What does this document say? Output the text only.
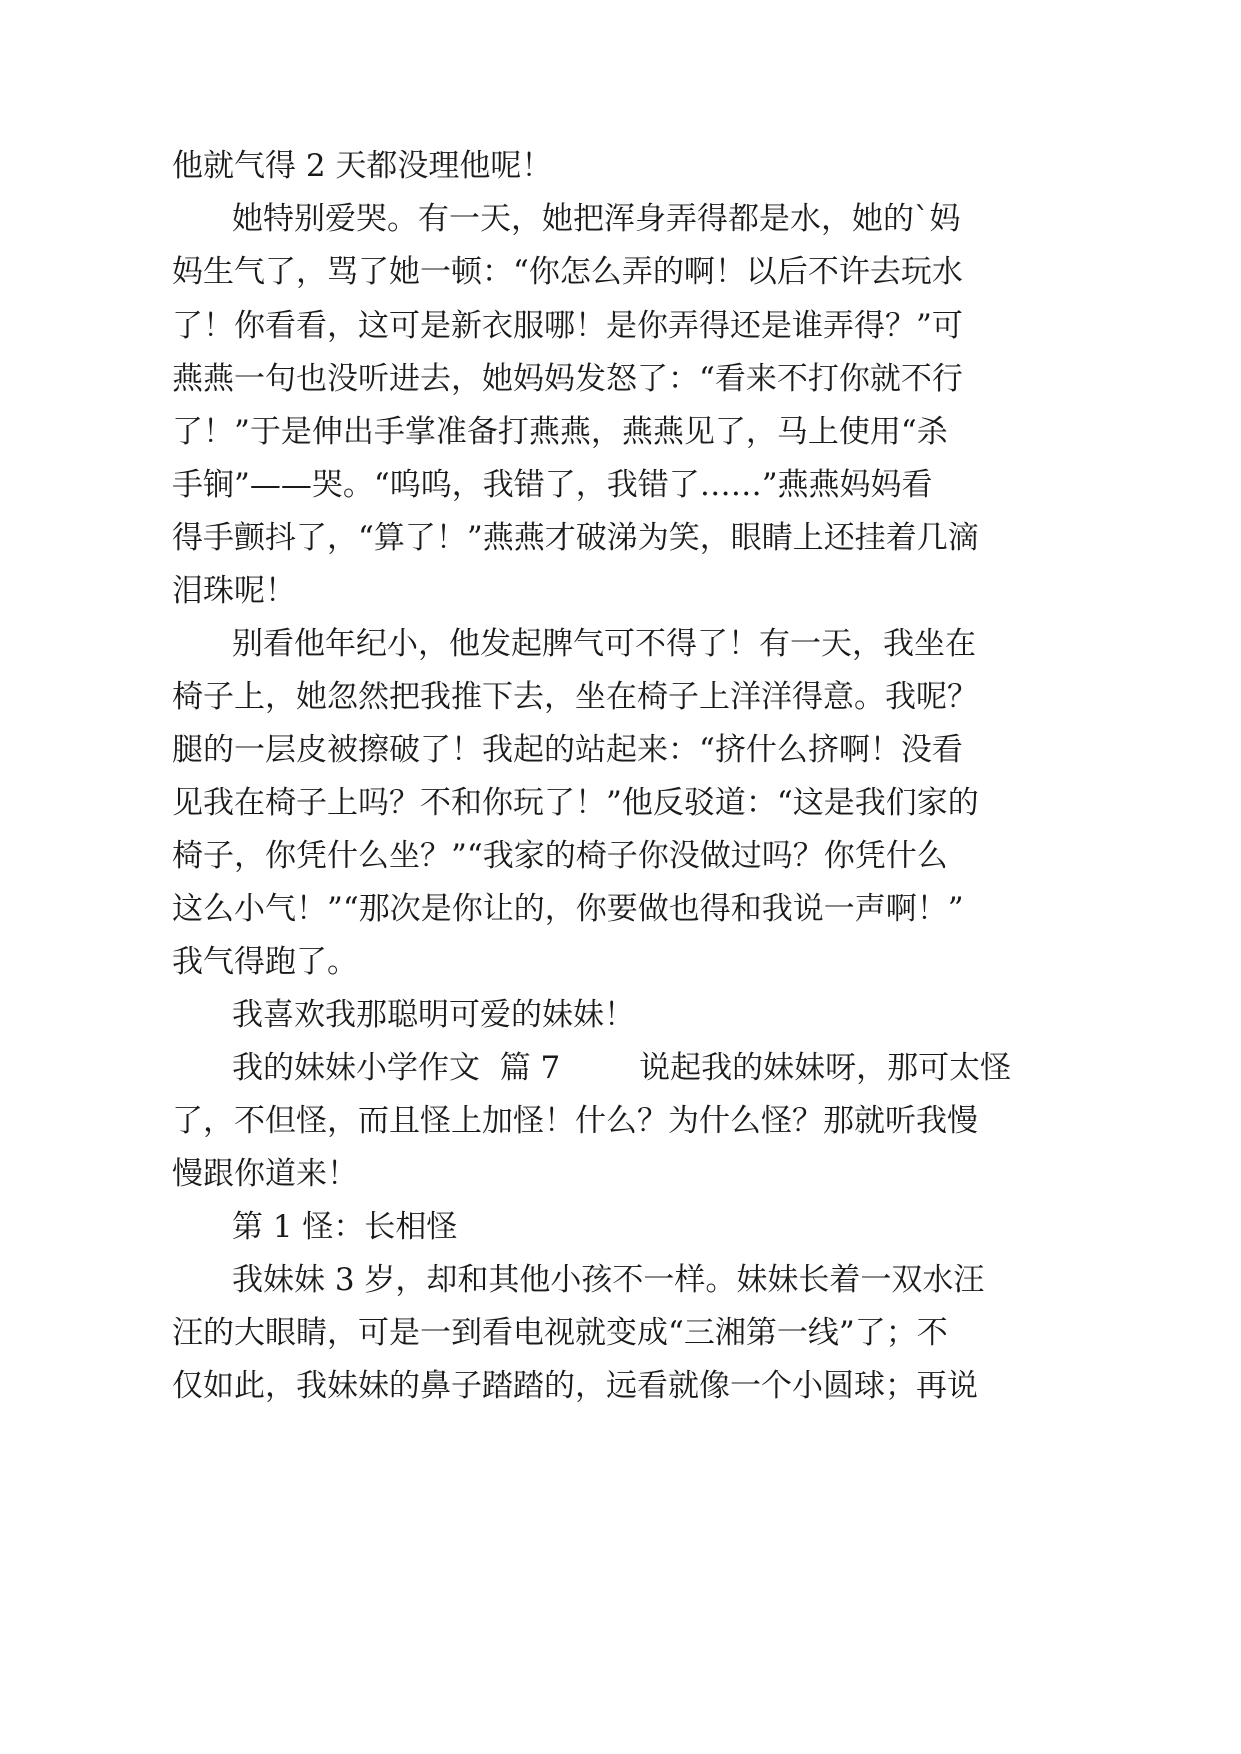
他就气得 2 天都没理他呢！
她特别爱哭。有一天，她把浑身弄得都是水，她的`妈
妈生气了，骂了她一顿：“你怎么弄的啊！以后不许去玩水
了！你看看，这可是新衣服哪！是你弄得还是谁弄得？”可
燕燕一句也没听进去，她妈妈发怒了：“看来不打你就不行
了！”于是伸出手掌准备打燕燕，燕燕见了，马上使用“杀
手锏”——哭。“呜呜，我错了，我错了……”燕燕妈妈看
得手颤抖了，“算了！”燕燕才破涕为笑，眼睛上还挂着几滴
泪珠呢！
别看他年纪小，他发起脾气可不得了！有一天，我坐在
椅子上，她忽然把我推下去，坐在椅子上洋洋得意。我呢？
腿的一层皮被擦破了！我起的站起来：“挤什么挤啊！没看
见我在椅子上吗？不和你玩了！”他反驳道：“这是我们家的
椅子，你凭什么坐？”“我家的椅子你没做过吗？你凭什么
这么小气！”“那次是你让的，你要做也得和我说一声啊！”
我气得跑了。
我喜欢我那聪明可爱的妹妹！
我的妹妹小学作文  篇 7        说起我的妹妹呀，那可太怪
了，不但怪，而且怪上加怪！什么？为什么怪？那就听我慢
慢跟你道来！
第 1 怪：长相怪
我妹妹 3 岁，却和其他小孩不一样。妹妹长着一双水汪
汪的大眼睛，可是一到看电视就变成“三湘第一线”了；不
仅如此，我妹妹的鼻子踏踏的，远看就像一个小圆球；再说
